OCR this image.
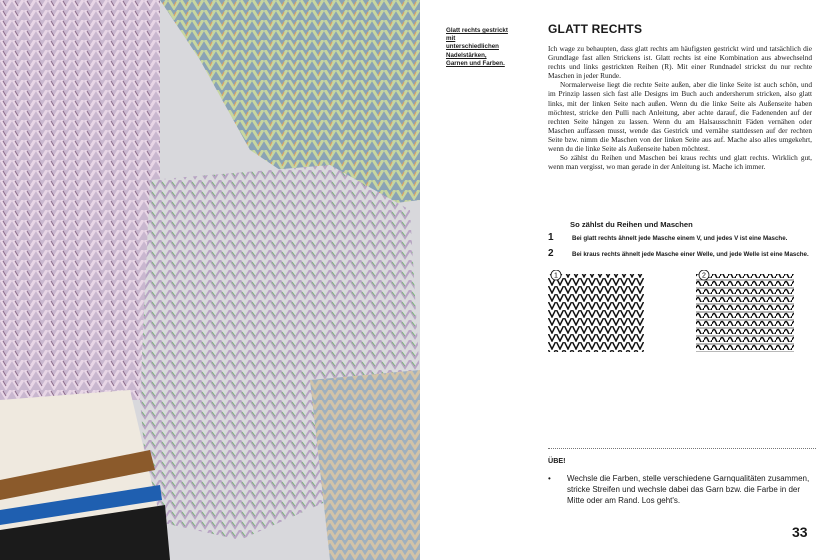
Glatt rechts gestrickt mit unterschiedlichen Nadelstärken, Garnen und Farben.
GLATT RECHTS

Ich wage zu behaupten, dass glatt rechts am häufigsten gestrickt wird und tatsächlich die Grundlage fast allen Strickens ist. Glatt rechts ist eine Kombination aus abwechselnd rechts und links gestrickten Reihen (R). Mit einer Rundnadel strickst du nur rechte Maschen in jeder Runde.

Normalerweise liegt die rechte Seite außen, aber die linke Seite ist auch schön, und im Prinzip lassen sich fast alle Designs im Buch auch andersherum stricken, also glatt links, mit der linken Seite nach außen. Wenn du die linke Seite als Außenseite haben möchtest, stricke den Pulli nach Anleitung, aber achte darauf, die Fadenenden auf der rechten Seite hängen zu lassen. Wenn du am Halsausschnitt Fäden vernähen oder Maschen auffassen musst, wende das Gestrick und vernähe stattdessen auf der rechten Seite bzw. nimm die Maschen von der linken Seite aus auf. Mache also alles umgekehrt, wenn du die linke Seite als Außenseite haben möchtest.

So zählst du Reihen und Maschen bei kraus rechts und glatt rechts. Wirklich gut, wenn man vergisst, wo man gerade in der Anleitung ist. Mache ich immer.

So zählst du Reihen und Maschen
1	Bei glatt rechts ähnelt jede Masche einem V, und jedes V ist eine Masche.
2	Bei kraus rechts ähnelt jede Masche einer Welle, und jede Welle ist eine Masche.
1	2
ÜBE!
• Wechsle die Farben, stelle verschiedene Garnqualitäten zusammen, stricke Streifen und wechsle dabei das Garn bzw. die Farbe in der Mitte oder am Rand. Los geht's.
33
